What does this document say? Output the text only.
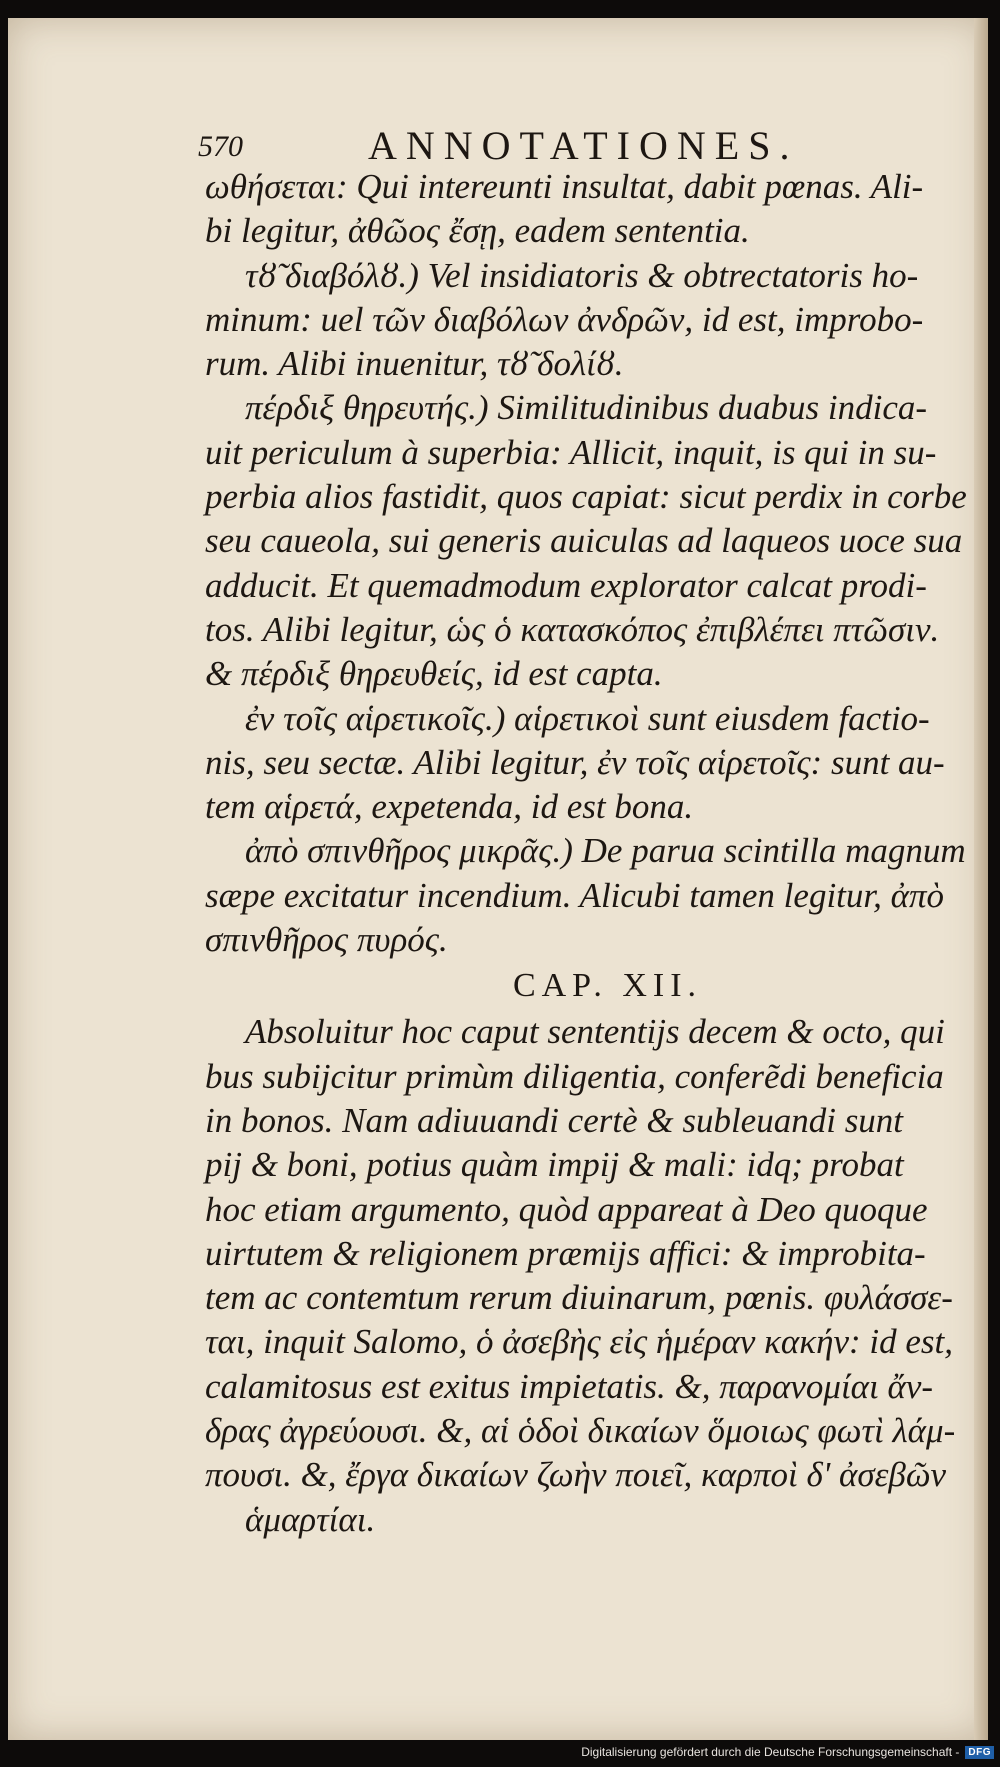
570	ANNOTATIONES.
ωθήσεται: Qui intereunti insultat, dabit pœnas. Ali-
bi legitur, ἀθῶος ἔσῃ, eadem sententia.
τȣ̃ διαβόλȣ.) Vel insidiatoris & obtrectatoris ho-
minum: uel τῶν διαβόλων ἀνδρῶν, id est, improbo-
rum. Alibi inuenitur, τȣ̃ δολίȣ.
πέρδιξ θηρευτής.) Similitudinibus duabus indica-
uit periculum à superbia: Allicit, inquit, is qui in su-
perbia alios fastidit, quos capiat: sicut perdix in corbe
seu caueola, sui generis auiculas ad laqueos uoce sua
adducit. Et quemadmodum explorator calcat prodi-
tos. Alibi legitur, ὡς ὁ κατασκόπος ἐπιβλέπει πτῶσιν.
& πέρδιξ θηρευθείς, id est capta.
ἐν τοῖς αἱρετικοῖς.) αἱρετικοὶ sunt eiusdem factio-
nis, seu sectæ. Alibi legitur, ἐν τοῖς αἱρετοῖς: sunt au-
tem αἱρετά, expetenda, id est bona.
ἀπὸ σπινθῆρος μικρᾶς.) De parua scintilla magnum
sæpe excitatur incendium. Alicubi tamen legitur, ἀπὸ
σπινθῆρος πυρός.
CAP. XII.
Absoluitur hoc caput sententijs decem & octo, qui
bus subijcitur primùm diligentia, conferẽdi beneficia
in bonos. Nam adiuuandi certè & subleuandi sunt
pij & boni, potius quàm impij & mali: idq; probat
hoc etiam argumento, quòd appareat à Deo quoque
uirtutem & religionem præmijs affici: & improbita-
tem ac contemtum rerum diuinarum, pœnis. φυλάσσε-
ται, inquit Salomo, ὁ ἀσεβὴς εἰς ἡμέραν κακήν: id est,
calamitosus est exitus impietatis. &, παρανομίαι ἄν-
δρας ἀγρεύουσι. &, αἱ ὁδοὶ δικαίων ὅμοιως φωτὶ λάμ-
πουσι. &, ἔργα δικαίων ζωὴν ποιεῖ, καρποὶ δ' ἀσεβῶν
ἁμαρτίαι.
Digitalisierung gefördert durch die Deutsche Forschungsgemeinschaft - DFG
